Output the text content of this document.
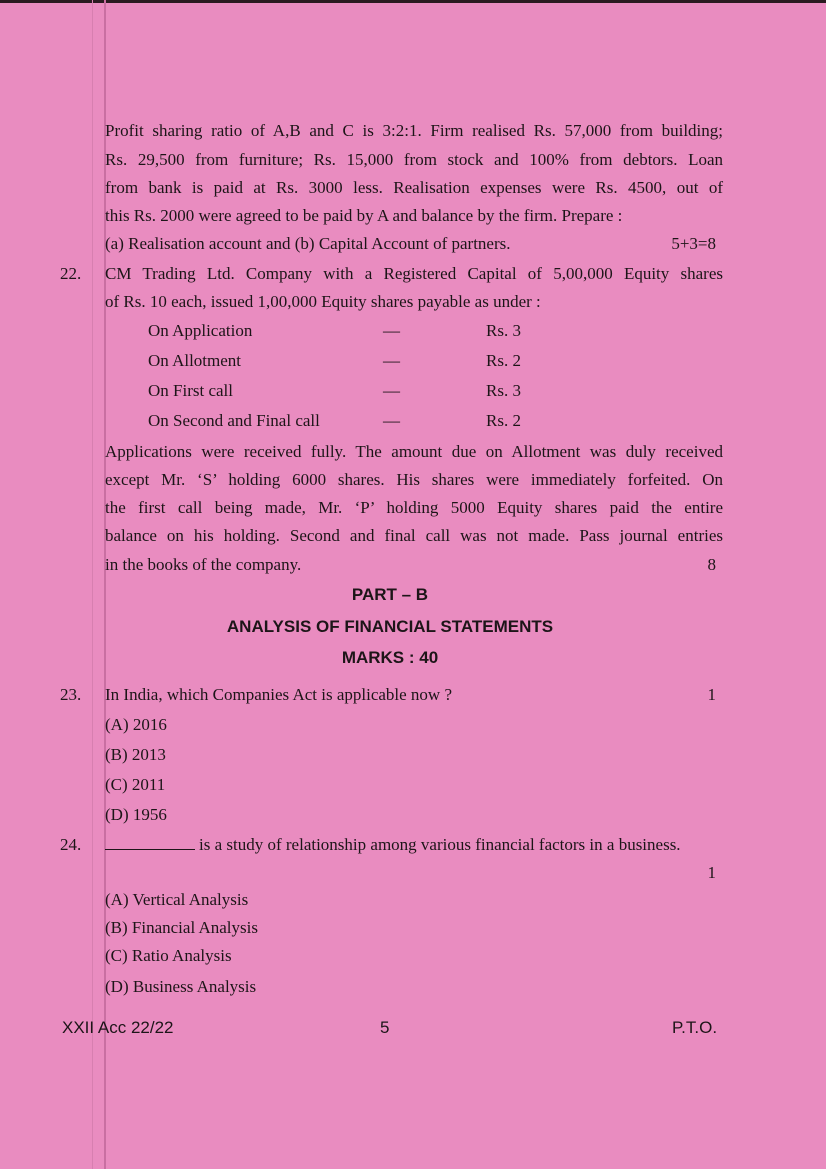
Profit sharing ratio of A,B and C is 3:2:1. Firm realised Rs. 57,000 from building;
Rs. 29,500 from furniture; Rs. 15,000 from stock and 100% from debtors. Loan
from bank is paid at Rs. 3000 less. Realisation expenses were Rs. 4500, out of
this Rs. 2000 were agreed to be paid by A and balance by the firm. Prepare :
(a) Realisation account and (b) Capital Account of partners.	5+3=8
22. CM Trading Ltd. Company with a Registered Capital of 5,00,000 Equity shares
of Rs. 10 each, issued 1,00,000 Equity shares payable as under :
On Application	—	Rs. 3
On Allotment	—	Rs. 2
On First call	—	Rs. 3
On Second and Final call	—	Rs. 2
Applications were received fully. The amount due on Allotment was duly received
except Mr. ‘S’ holding 6000 shares. His shares were immediately forfeited. On
the first call being made, Mr. ‘P’ holding 5000 Equity shares paid the entire
balance on his holding. Second and final call was not made. Pass journal entries
in the books of the company.	8
PART – B
ANALYSIS OF FINANCIAL STATEMENTS
MARKS : 40
23. In India, which Companies Act is applicable now ?	1
(A) 2016
(B) 2013
(C) 2011
(D) 1956
24.	is a study of relationship among various financial factors in a business.
1
(A) Vertical Analysis
(B) Financial Analysis
(C) Ratio Analysis
(D) Business Analysis
XXII Acc 22/22	5	P.T.O.
